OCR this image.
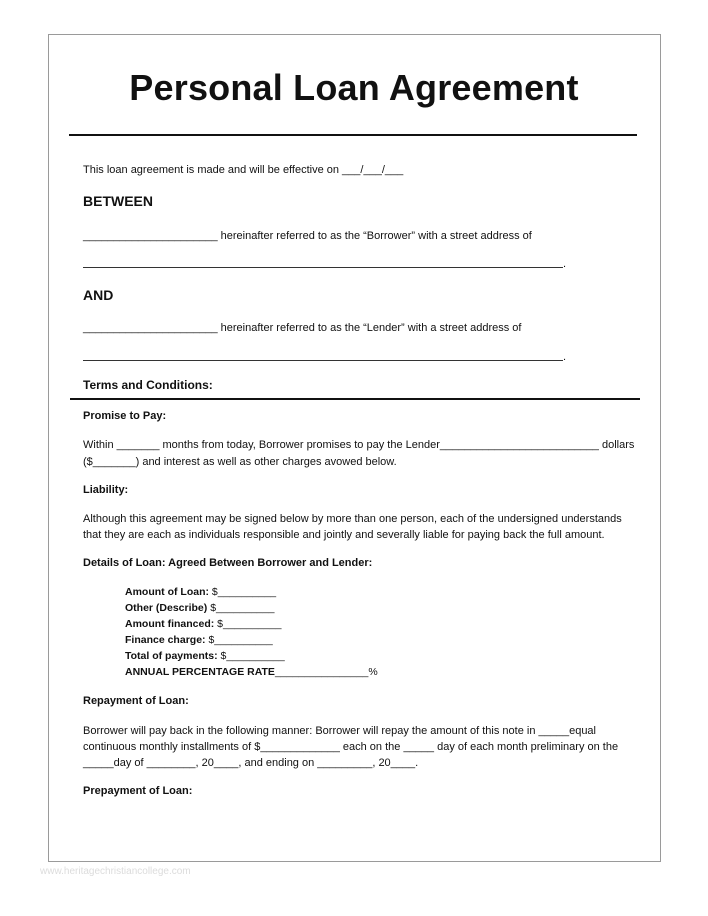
Personal Loan Agreement
This loan agreement is made and will be effective on ___/___/___
BETWEEN
______________________ hereinafter referred to as the “Borrower” with a street address of
.
AND
______________________ hereinafter referred to as the “Lender” with a street address of
.
Terms and Conditions:
Promise to Pay:
Within _______ months from today, Borrower promises to pay the Lender__________________________ dollars
($_______) and interest as well as other charges avowed below.
Liability:
Although this agreement may be signed below by more than one person, each of the undersigned understands
that they are each as individuals responsible and jointly and severally liable for paying back the full amount.
Details of Loan: Agreed Between Borrower and Lender:
Amount of Loan: $__________
Other (Describe) $__________
Amount financed: $__________
Finance charge: $__________
Total of payments: $__________
ANNUAL PERCENTAGE RATE________________%
Repayment of Loan:
Borrower will pay back in the following manner: Borrower will repay the amount of this note in _____equal
continuous monthly installments of $_____________ each on the _____ day of each month preliminary on the
_____day of ________, 20____, and ending on _________, 20____.
Prepayment of Loan:
www.heritagechristiancollege.com
